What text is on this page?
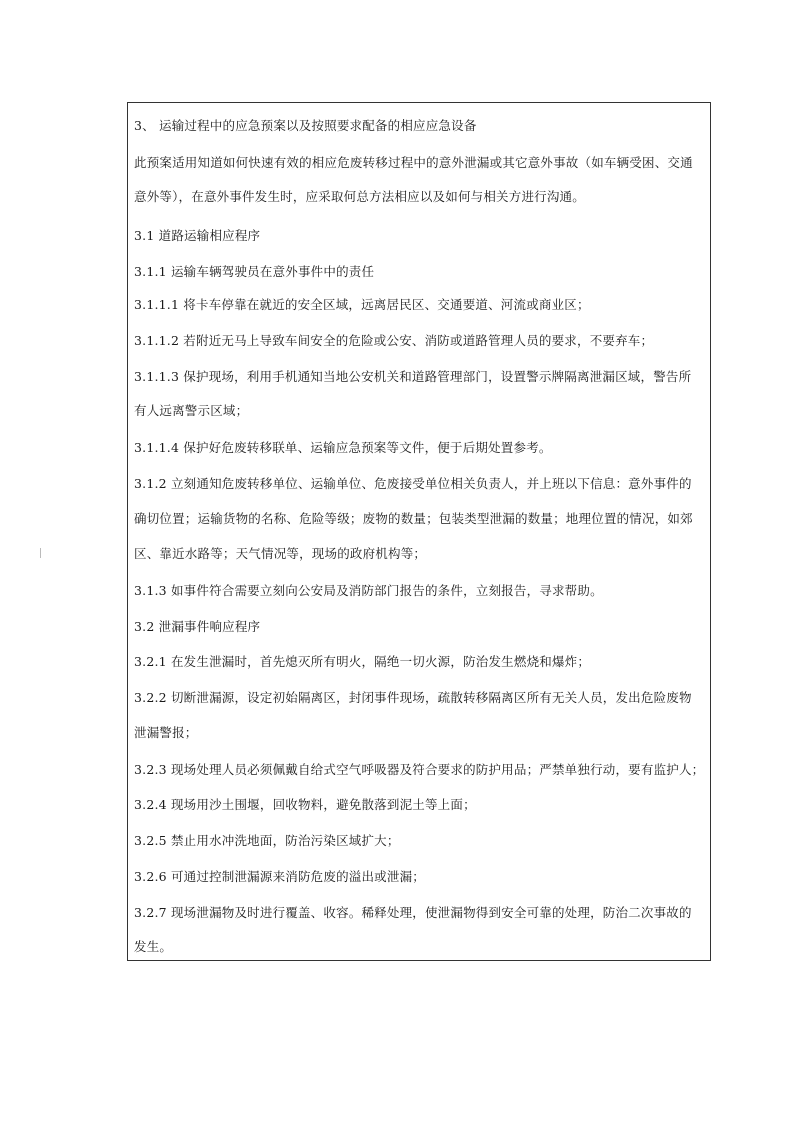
3、 运输过程中的应急预案以及按照要求配备的相应应急设备
此预案适用知道如何快速有效的相应危废转移过程中的意外泄漏或其它意外事故（如车辆受困、交通
意外等），在意外事件发生时，应采取何总方法相应以及如何与相关方进行沟通。
3.1 道路运输相应程序
3.1.1 运输车辆驾驶员在意外事件中的责任
3.1.1.1 将卡车停靠在就近的安全区域，远离居民区、交通要道、河流或商业区；
3.1.1.2 若附近无马上导致车间安全的危险或公安、消防或道路管理人员的要求，不要弃车；
3.1.1.3 保护现场，利用手机通知当地公安机关和道路管理部门，设置警示牌隔离泄漏区域，警告所
有人远离警示区域；
3.1.1.4 保护好危废转移联单、运输应急预案等文件，便于后期处置参考。
3.1.2 立刻通知危废转移单位、运输单位、危废接受单位相关负责人，并上班以下信息：意外事件的
确切位置；运输货物的名称、危险等级；废物的数量；包装类型泄漏的数量；地理位置的情况，如郊
区、靠近水路等；天气情况等，现场的政府机构等；
3.1.3 如事件符合需要立刻向公安局及消防部门报告的条件，立刻报告，寻求帮助。
3.2 泄漏事件响应程序
3.2.1 在发生泄漏时，首先熄灭所有明火，隔绝一切火源，防治发生燃烧和爆炸；
3.2.2 切断泄漏源，设定初始隔离区，封闭事件现场，疏散转移隔离区所有无关人员，发出危险废物
泄漏警报；
3.2.3 现场处理人员必须佩戴自给式空气呼吸器及符合要求的防护用品；严禁单独行动，要有监护人；
3.2.4 现场用沙土围堰，回收物料，避免散落到泥土等上面；
3.2.5 禁止用水冲洗地面，防治污染区域扩大；
3.2.6 可通过控制泄漏源来消防危废的溢出或泄漏；
3.2.7 现场泄漏物及时进行覆盖、收容。稀释处理，使泄漏物得到安全可靠的处理，防治二次事故的
发生。
